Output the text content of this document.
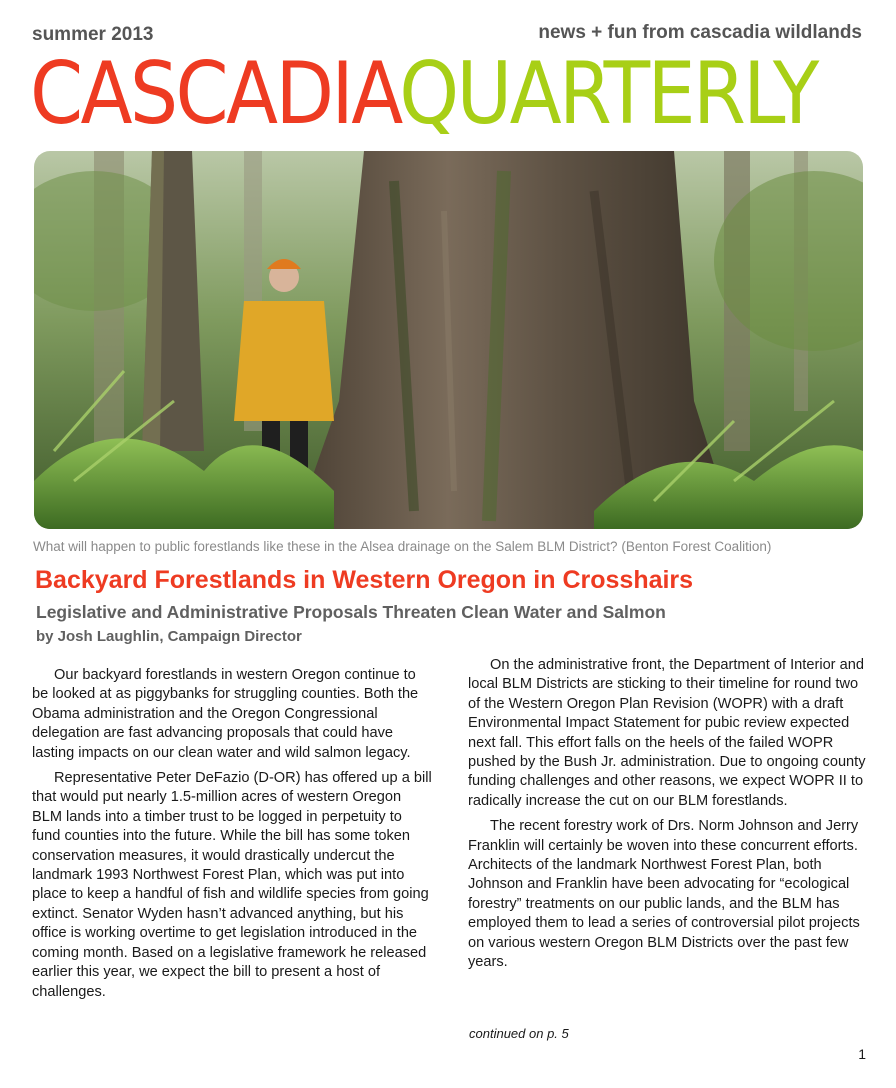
summer 2013	news + fun from cascadia wildlands
CASCADIAQUARTERLY
What will happen to public forestlands like these in the Alsea drainage on the Salem BLM District? (Benton Forest Coalition)
Backyard Forestlands in Western Oregon in Crosshairs
Legislative and Administrative Proposals Threaten Clean Water and Salmon
by Josh Laughlin, Campaign Director

Our backyard forestlands in western Oregon continue to be looked at as piggybanks for struggling counties. Both the Obama administration and the Oregon Congressional delegation are fast advancing proposals that could have lasting impacts on our clean water and wild salmon legacy.

Representative Peter DeFazio (D-OR) has offered up a bill that would put nearly 1.5-million acres of western Oregon BLM lands into a timber trust to be logged in perpetuity to fund counties into the future. While the bill has some token conservation measures, it would drastically undercut the landmark 1993 Northwest Forest Plan, which was put into place to keep a handful of fish and wildlife species from going extinct. Senator Wyden hasn’t advanced anything, but his office is working overtime to get legislation introduced in the coming month. Based on a legislative framework he released earlier this year, we expect the bill to present a host of challenges.

On the administrative front, the Department of Interior and local BLM Districts are sticking to their timeline for round two of the Western Oregon Plan Revision (WOPR) with a draft Environmental Impact Statement for pubic review expected next fall. This effort falls on the heels of the failed WOPR pushed by the Bush Jr. administration. Due to ongoing county funding challenges and other reasons, we expect WOPR II to radically increase the cut on our BLM forestlands.

The recent forestry work of Drs. Norm Johnson and Jerry Franklin will certainly be woven into these concurrent efforts. Architects of the landmark Northwest Forest Plan, both Johnson and Franklin have been advocating for “ecological forestry” treatments on our public lands, and the BLM has employed them to lead a series of controversial pilot projects on various western Oregon BLM Districts over the past few years.

continued on p. 5
1
